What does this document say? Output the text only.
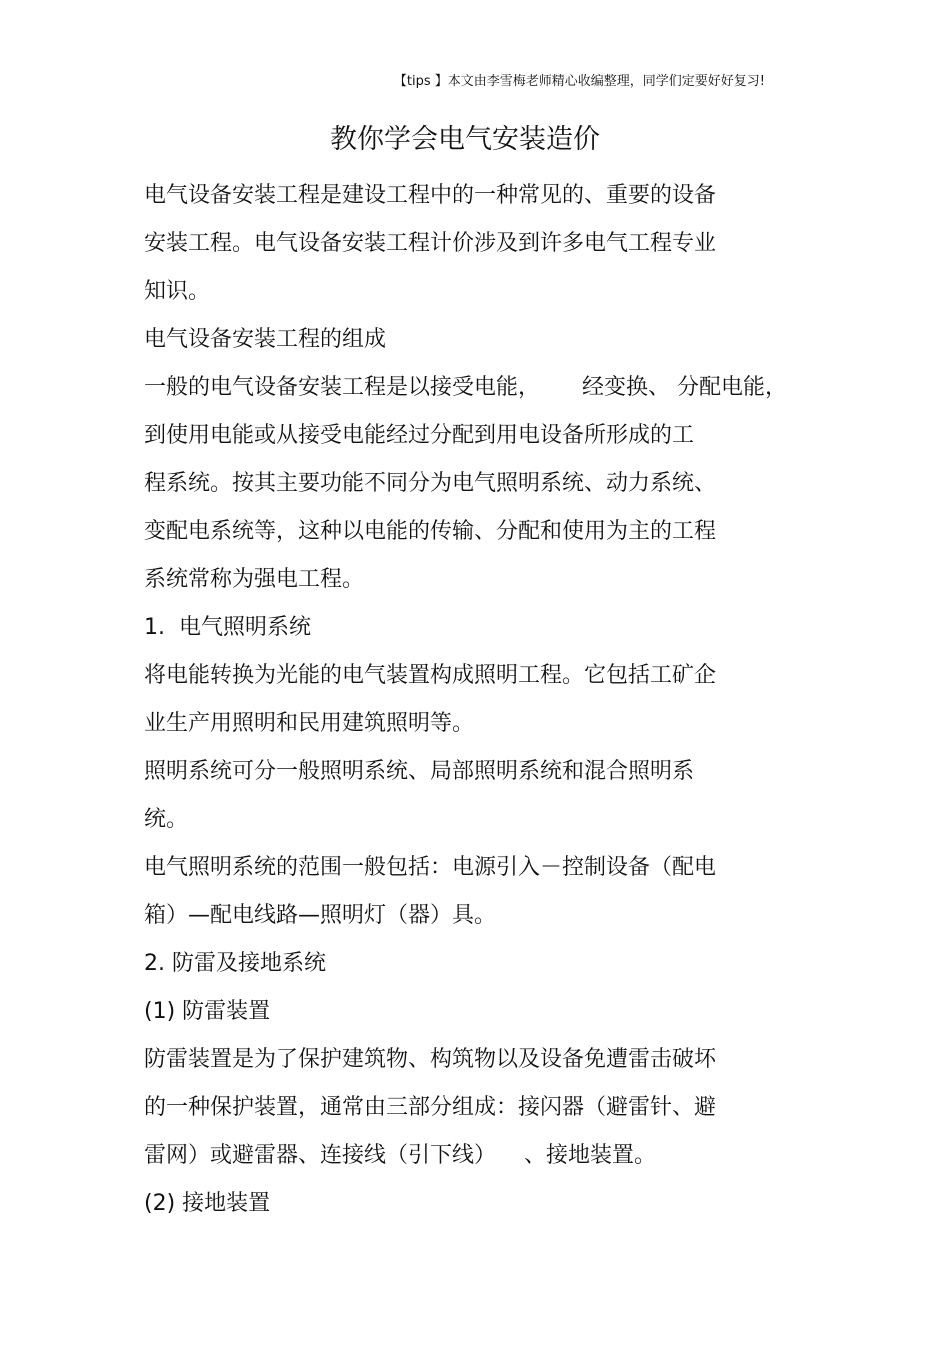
【tips 】本文由李雪梅老师精心收编整理，同学们定要好好复习!
教你学会电气安装造价
电气设备安装工程是建设工程中的一种常见的、重要的设备
安装工程。电气设备安装工程计价涉及到许多电气工程专业
知识。
电气设备安装工程的组成
一般的电气设备安装工程是以接受电能，      经变换、 分配电能，
到使用电能或从接受电能经过分配到用电设备所形成的工
程系统。按其主要功能不同分为电气照明系统、动力系统、
变配电系统等，这种以电能的传输、分配和使用为主的工程
系统常称为强电工程。
1.  电气照明系统
将电能转换为光能的电气装置构成照明工程。它包括工矿企
业生产用照明和民用建筑照明等。
照明系统可分一般照明系统、局部照明系统和混合照明系
统。
电气照明系统的范围一般包括：电源引入－控制设备（配电
箱）—配电线路—照明灯（器）具。
2. 防雷及接地系统
(1) 防雷装置
防雷装置是为了保护建筑物、构筑物以及设备免遭雷击破坏
的一种保护装置，通常由三部分组成：接闪器（避雷针、避
雷网）或避雷器、连接线（引下线）    、接地装置。
(2) 接地装置
